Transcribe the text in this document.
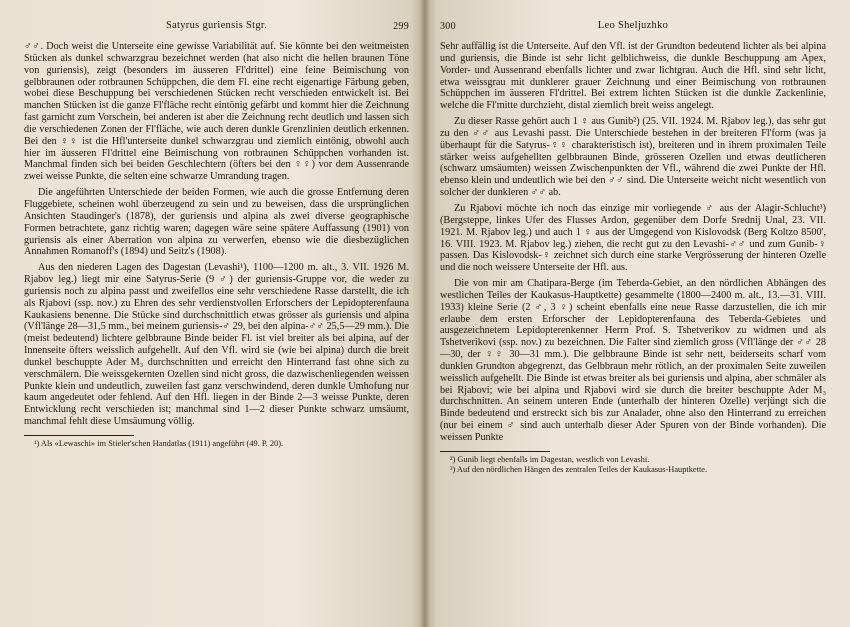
Satyrus guriensis Stgr.	299

♂♂. Doch weist die Unterseite eine gewisse Variabilität auf. Sie könnte bei den weitmeisten Stücken als dunkel schwarzgrau bezeichnet werden (hat also nicht die hellen braunen Töne von guriensis), zeigt (besonders im äusseren Fl'drittel) eine feine Beimischung von gelbbraunen oder rotbraunen Schüppchen, die dem Fl. eine recht eigenartige Färbung geben, wobei diese Beschuppung bei verschiedenen Stücken recht verschieden entwickelt ist. Bei manchen Stücken ist die ganze Fl'fläche recht eintönig gefärbt und kommt hier die Zeichnung fast garnicht zum Vorschein, bei anderen ist aber die Zeichnung recht deutlich und lassen sich die verschiedenen Zonen der Fl'fläche, wie auch deren dunkle Grenzlinien deutlich erkennen. Bei den ♀♀ ist die Hfl'unterseite dunkel schwarzgrau und ziemlich eintönig, obwohl auch hier im äusseren Fl'drittel eine Beimischung von rotbraunen Schüppchen vorhanden ist. Manchmal finden sich bei beiden Geschlechtern (öfters bei den ♀♀) vor dem Aussenrande zwei weisse Punkte, die selten eine schwarze Umrandung tragen.

Die angeführten Unterschiede der beiden Formen, wie auch die grosse Entfernung deren Fluggebiete, scheinen wohl überzeugend zu sein und zu beweisen, dass die ursprünglichen Ansichten Staudinger's (1878), der guriensis und alpina als zwei diverse geographische Formen betrachtete, ganz richtig waren; dagegen wäre seine spätere Auffassung (1901) von guriensis als einer Aberration von alpina zu verwerfen, ebenso wie die diesbezüglichen Annahmen Romanoff's (1894) und Seitz's (1908).

Aus den niederen Lagen des Dagestan (Levashi¹), 1100—1200 m. alt., 3. VII. 1926 M. Rjabov leg.) liegt mir eine Satyrus-Serie (9 ♂) der guriensis-Gruppe vor, die weder zu guriensis noch zu alpina passt und zweifellos eine sehr verschiedene Rasse darstellt, die ich als Rjabovi (ssp. nov.) zu Ehren des sehr verdienstvollen Erforschers der Lepidopterenfauna Kaukasiens benenne. Die Stücke sind durchschnittlich etwas grösser als guriensis und alpina (Vfl'länge 28—31,5 mm., bei meinem guriensis-♂ 29, bei den alpina-♂♂ 25,5—29 mm.). Die (meist bedeutend) lichtere gelbbraune Binde beider Fl. ist viel breiter als bei alpina, auf der Innenseite öfters weisslich aufgehellt. Auf den Vfl. wird sie (wie bei alpina) durch die breit dunkel beschuppte Ader M₃ durchschnitten und erreicht den Hinterrand fast ohne sich zu verschmälern. Die weissgekernten Ozellen sind nicht gross, die dazwischenliegenden weissen Punkte klein und undeutlich, zuweilen fast ganz verschwindend, deren dunkle Umhofung nur kaum angedeutet oder fehlend. Auf den Hfl. liegen in der Binde 2—3 weisse Punkte, deren Entwicklung recht verschieden ist; manchmal sind 1—2 dieser Punkte schwarz umsäumt, manchmal fehlt diese Umsäumung völlig.

¹) Als «Lewaschi» im Stieler'schen Handatlas (1911) angeführt (49. P. 20).
300	Leo Sheljuzhko

Sehr auffällig ist die Unterseite. Auf den Vfl. ist der Grundton bedeutend lichter als bei alpina und guriensis, die Binde ist sehr licht gelblichweiss, die dunkle Beschuppung am Apex, Vorder- und Aussenrand ebenfalls lichter und zwar lichtgrau. Auch die Hfl. sind sehr licht, etwa weissgrau mit dunklerer grauer Zeichnung und einer Beimischung von rotbraunen Schüppchen im äusseren Fl'drittel. Bei extrem lichten Stücken ist die dunkle Zackenlinie, welche die Fl'mitte durchzieht, distal ziemlich breit weiss angelegt.

Zu dieser Rasse gehört auch 1 ♀ aus Gunib²) (25. VII. 1924. M. Rjabov leg.), das sehr gut zu den ♂♂ aus Levashi passt. Die Unterschiede bestehen in der breiteren Fl'form (was ja überhaupt für die Satyrus-♀♀ charakteristisch ist), breiteren und in ihrem proximalen Teile stärker weiss aufgehellten gelbbraunen Binde, grösseren Ozellen und etwas deutlicheren (schwarz umsäumten) weissen Zwischenpunkten der Vfl., während die zwei Punkte der Hfl. ebenso klein und undeutlich wie bei den ♂♂ sind. Die Unterseite weicht nicht wesentlich von solcher der dunkleren ♂♂ ab.

Zu Rjabovi möchte ich noch das einzige mir vorliegende ♂ aus der Alagir-Schlucht³) (Bergsteppe, linkes Ufer des Flusses Ardon, gegenüber dem Dorfe Srednij Unal, 23. VII. 1921. M. Rjabov leg.) und auch 1 ♀ aus der Umgegend von Kislovodsk (Berg Koltzo 8500', 16. VIII. 1923. M. Rjabov leg.) ziehen, die recht gut zu den Levashi-♂♂ und zum Gunib-♀ passen. Das Kislovodsk-♀ zeichnet sich durch eine starke Vergrösserung der hinteren Ozelle und die noch weissere Unterseite der Hfl. aus.

Die von mir am Chatipara-Berge (im Teberda-Gebiet, an den nördlichen Abhängen des westlichen Teiles der Kaukasus-Hauptkette) gesammelte (1800—2400 m. alt., 13.—31. VIII. 1933) kleine Serie (2 ♂, 3 ♀) scheint ebenfalls eine neue Rasse darzustellen, die ich mir erlaube dem ersten Erforscher der Lepidopterenfauna des Teberda-Gebietes und ausgezeichnetem Lepidopterenkenner Herrn Prof. S. Tshetverikov zu widmen und als Tshetverikovi (ssp. nov.) zu bezeichnen. Die Falter sind ziemlich gross (Vfl'länge der ♂♂ 28—30, der ♀♀ 30—31 mm.). Die gelbbraune Binde ist sehr nett, beiderseits scharf vom dunklen Grundton abgegrenzt, das Gelbbraun mehr rötlich, an der proximalen Seite zuweilen weisslich aufgehellt. Die Binde ist etwas breiter als bei guriensis und alpina, aber schmäler als bei Rjabovi; wie bei alpina und Rjabovi wird sie durch die breiter beschuppte Ader M₃ durchschnitten. An seinem unteren Ende (unterhalb der hinteren Ozelle) verjüngt sich die Binde bedeutend und erstreckt sich bis zur Analader, ohne also den Hinterrand zu erreichen (nur bei einem ♂ sind auch unterhalb dieser Ader Spuren von der Binde vorhanden). Die weissen Punkte

²) Gunib liegt ebenfalls im Dagestan, westlich von Levashi.
³) Auf den nördlichen Hängen des zentralen Teiles der Kaukasus-Hauptkette.
